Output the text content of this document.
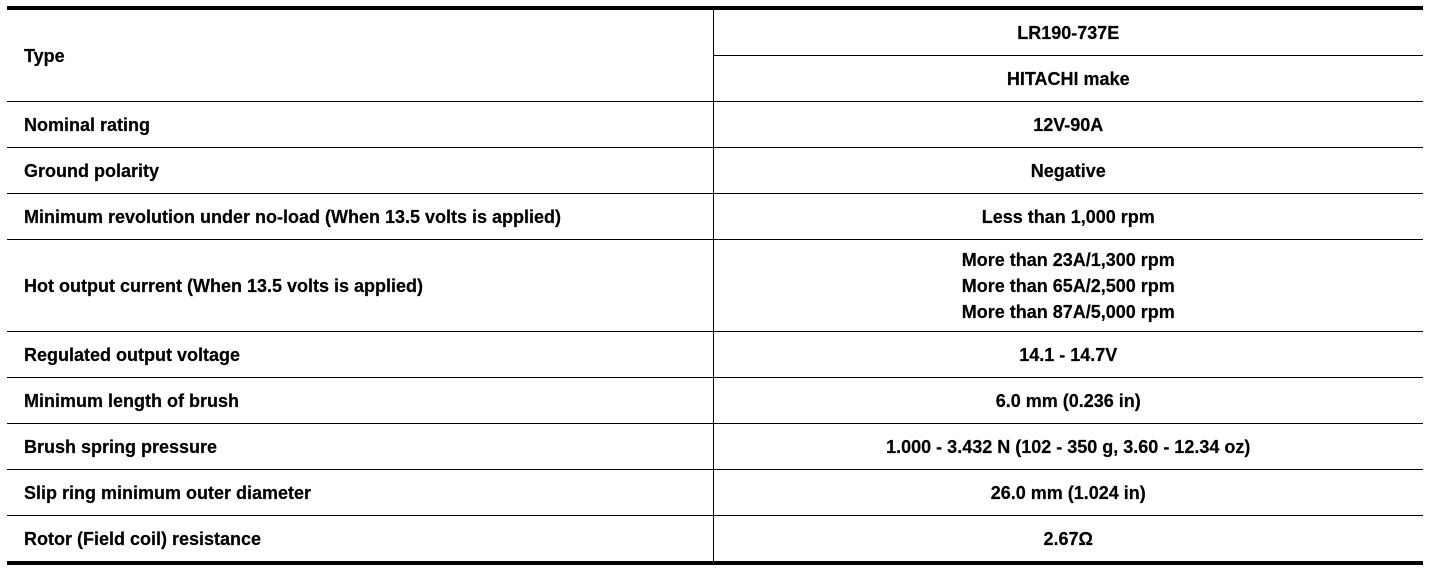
Type	LR190-737E
	HITACHI make
Nominal rating	12V-90A
Ground polarity	Negative
Minimum revolution under no-load (When 13.5 volts is applied)	Less than 1,000 rpm
Hot output current (When 13.5 volts is applied)	More than 23A/1,300 rpm
More than 65A/2,500 rpm
More than 87A/5,000 rpm

Regulated output voltage	14.1 - 14.7V
Minimum length of brush	6.0 mm (0.236 in)
Brush spring pressure	1.000 - 3.432 N (102 - 350 g, 3.60 - 12.34 oz)
Slip ring minimum outer diameter	26.0 mm (1.024 in)
Rotor (Field coil) resistance	2.67Ω
